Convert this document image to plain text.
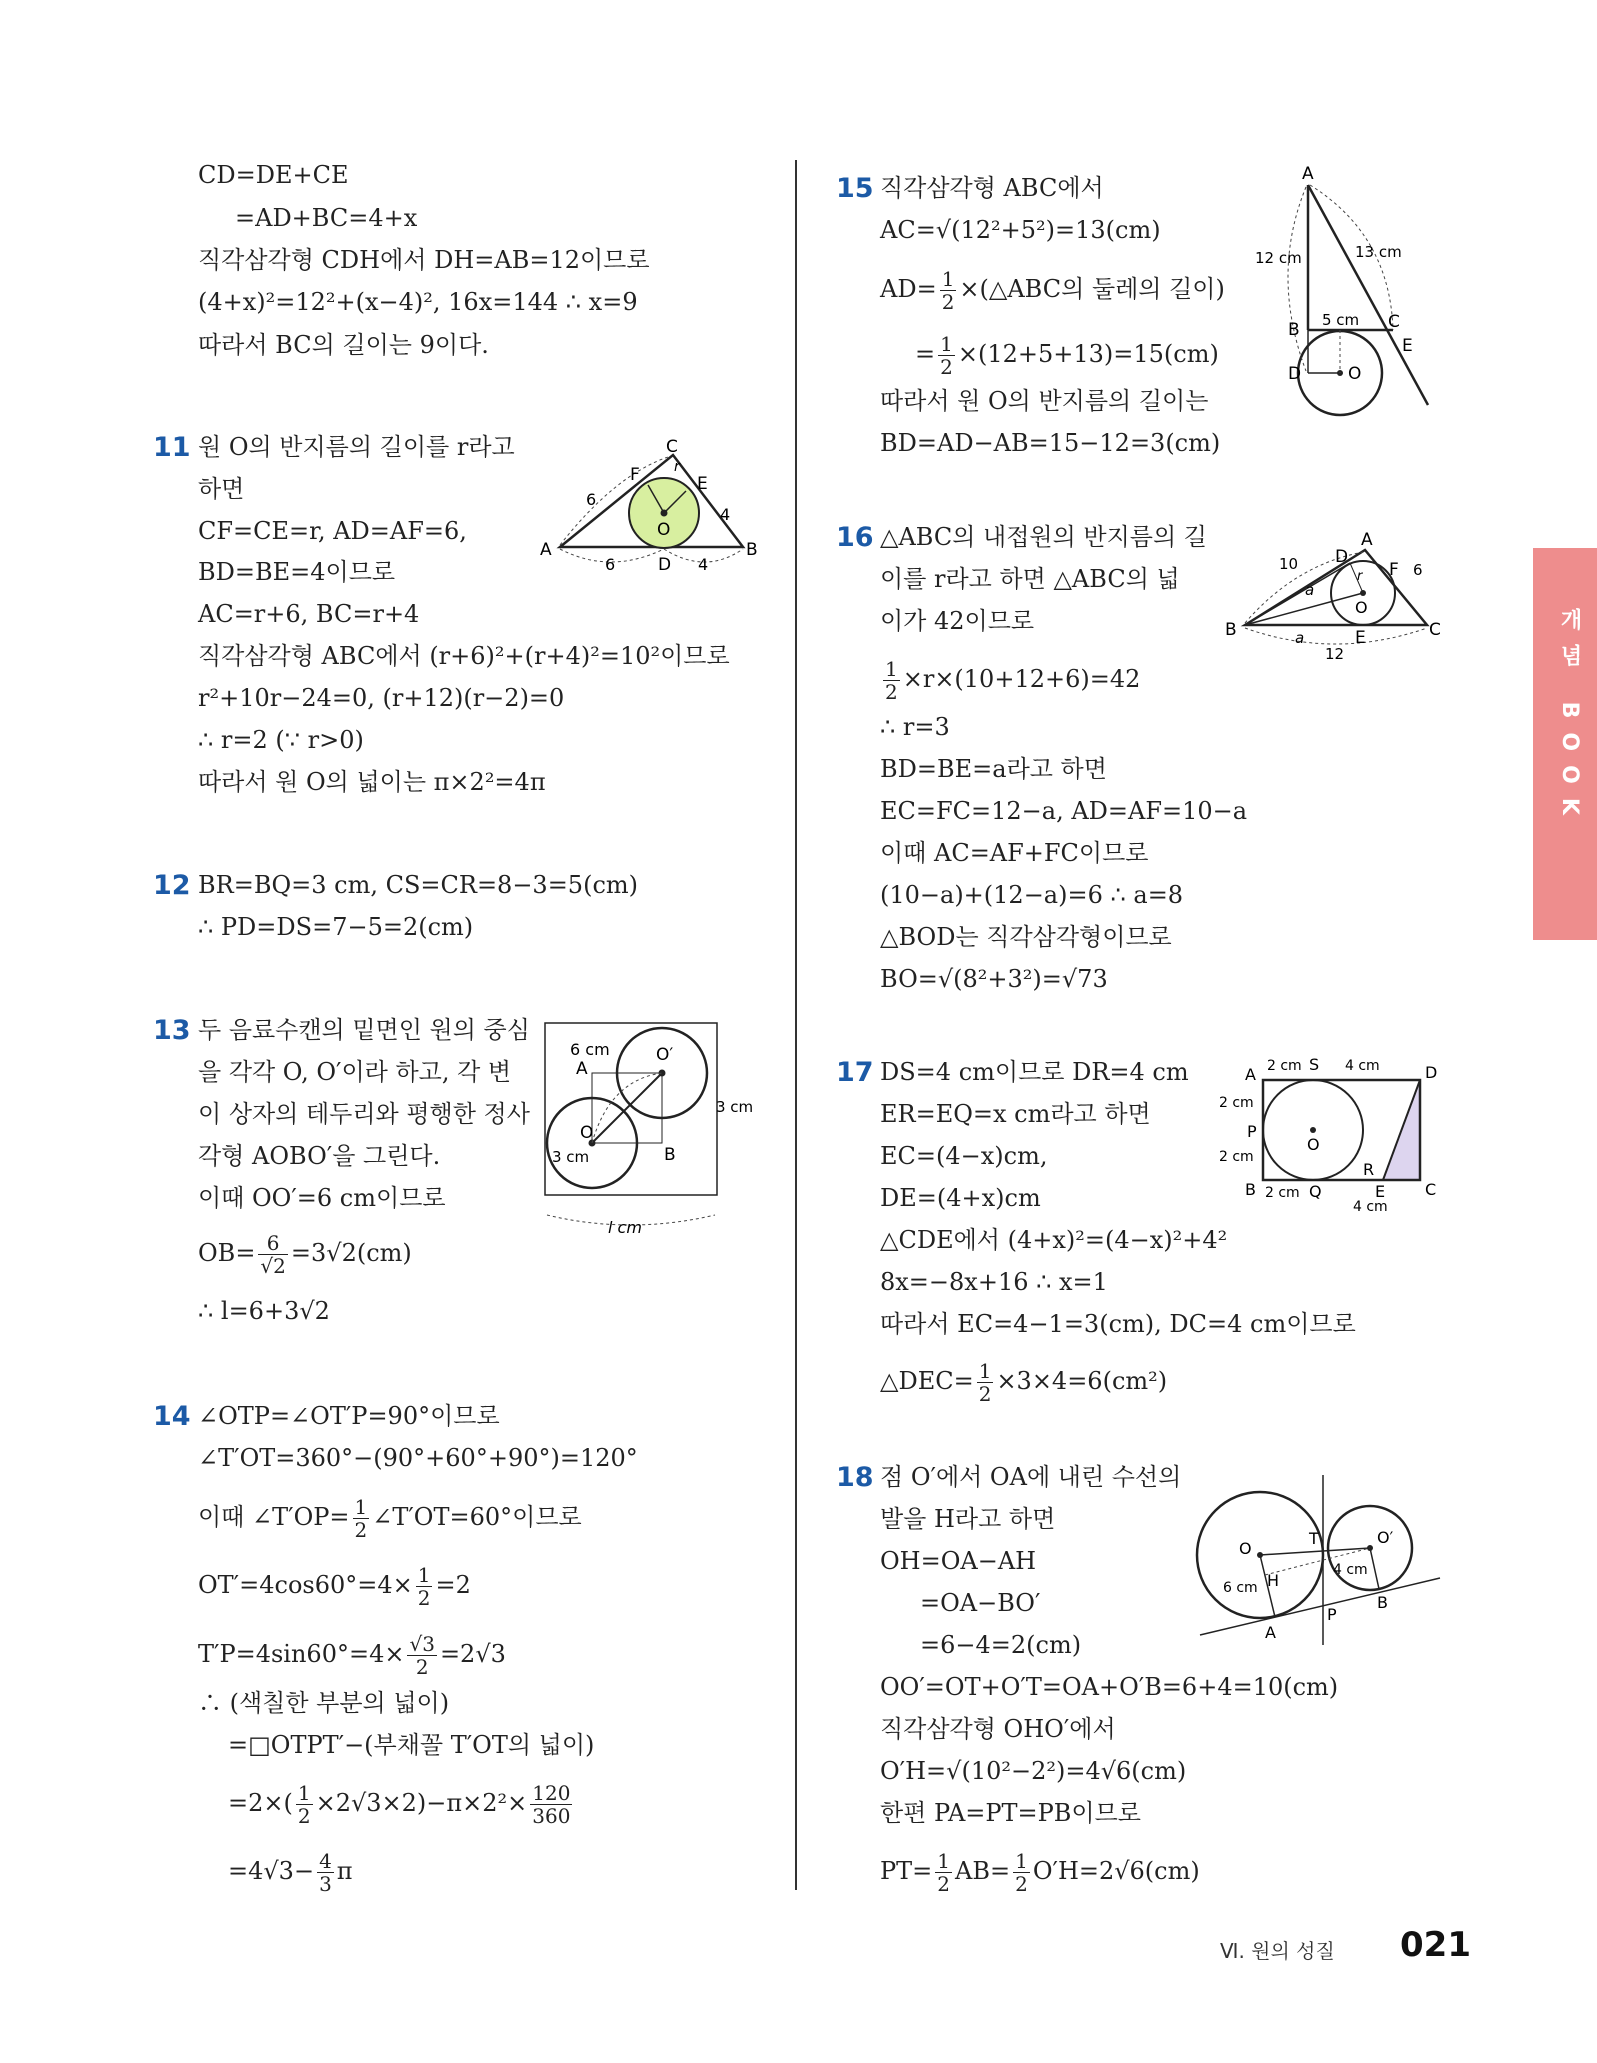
CD=DE+CE
=AD+BC=4+x
직각삼각형 CDH에서 DH=AB=12이므로
(4+x)²=12²+(x−4)², 16x=144 ∴ x=9
따라서 BC의 길이는 9이다.
11 원 O의 반지름의 길이를 r라고
하면
CF=CE=r, AD=AF=6,
BD=BE=4이므로
AC=r+6, BC=r+4
직각삼각형 ABC에서 (r+6)²+(r+4)²=10²이므로
r²+10r−24=0, (r+12)(r−2)=0
∴ r=2 (∵ r>0)
따라서 원 O의 넓이는 π×2²=4π
A	B
C
D
E
F
O
r
6
6
4
4
12 BR=BQ=3 cm, CS=CR=8−3=5(cm)
∴ PD=DS=7−5=2(cm)
13 두 음료수캔의 밑면인 원의 중심
을 각각 O, O′이라 하고, 각 변
이 상자의 테두리와 평행한 정사
각형 AOBO′을 그린다.
이때 OO′=6 cm이므로
$OB= \frac{6}{√2} =3√2(cm)$
∴ l=6+3√2
6 cm
A
O
O′
B
3 cm
3 cm
l cm
14 ∠OTP=∠OT′P=90°이므로
∠T′OT=360°−(90°+60°+90°)=120°
이때 ∠T′OP= $\frac{1}{2}$ ∠T′OT=60°이므로
$OT'=4\cos 60^\circ=4\times \frac{1}{2} =2$
$T'P=4\sin 60^\circ=4\times \frac{√3}{2} =2√3$
∴ (색칠한 부분의 넓이)
=□OTPT′−(부채꼴 T′OT의 넓이)
$=2\times( \frac{1}{2} \times 2√3\times 2)-\pi\times 2^2\times \frac{120}{360}$
$=4√3- \frac{4}{3}$ π
15 직각삼각형 ABC에서
AC=√(12²+5²)=13(cm)
$AD= \frac{1}{2}$ ×(△ABC의 둘레의 길이)
= $\frac{1}{2} \times(12+5+13)=15(cm)$
따라서 원 O의 반지름의 길이는
BD=AD−AB=15−12=3(cm)
A
B	C
D
E
O
12 cm	13 cm
5 cm
16 △ABC의 내접원의 반지름의 길
이를 r라고 하면 △ABC의 넓
이가 42이므로
$\frac{1}{2} \times r\times(10+12+6)=42$
∴ r=3
BD=BE=a라고 하면
EC=FC=12−a, AD=AF=10−a
이때 AC=AF+FC이므로
(10−a)+(12−a)=6 ∴ a=8
△BOD는 직각삼각형이므로
BO=√(8²+3²)=√73
B
A
C
D
E
F
O
10
12
6
a
a
r
17 DS=4 cm이므로 DR=4 cm
ER=EQ=x cm라고 하면
EC=(4−x)cm,
DE=(4+x)cm
△CDE에서 (4+x)²=(4−x)²+4²
8x=−8x+16 ∴ x=1
따라서 EC=4−1=3(cm), DC=4 cm이므로
△DEC= $\frac{1}{2} \times 3\times 4=6(cm^2)$
A	D
B	C
E
O
P
Q
R
S
2 cm	4 cm
2 cm
2 cm
2 cm
4 cm
18 점 O′에서 OA에 내린 수선의
발을 H라고 하면
OH=OA−AH
=OA−BO′
=6−4=2(cm)
OO′=OT+O′T=OA+O′B=6+4=10(cm)
직각삼각형 OHO′에서
O′H=√(10²−2²)=4√6(cm)
한편 PA=PT=PB이므로
$PT= \frac{1}{2} AB= \frac{1}{2} O'H=2√6(cm)$
O
O′
T
H
A
B
P
6 cm
4 cm
개념 BOOK
Ⅵ. 원의 성질 021
